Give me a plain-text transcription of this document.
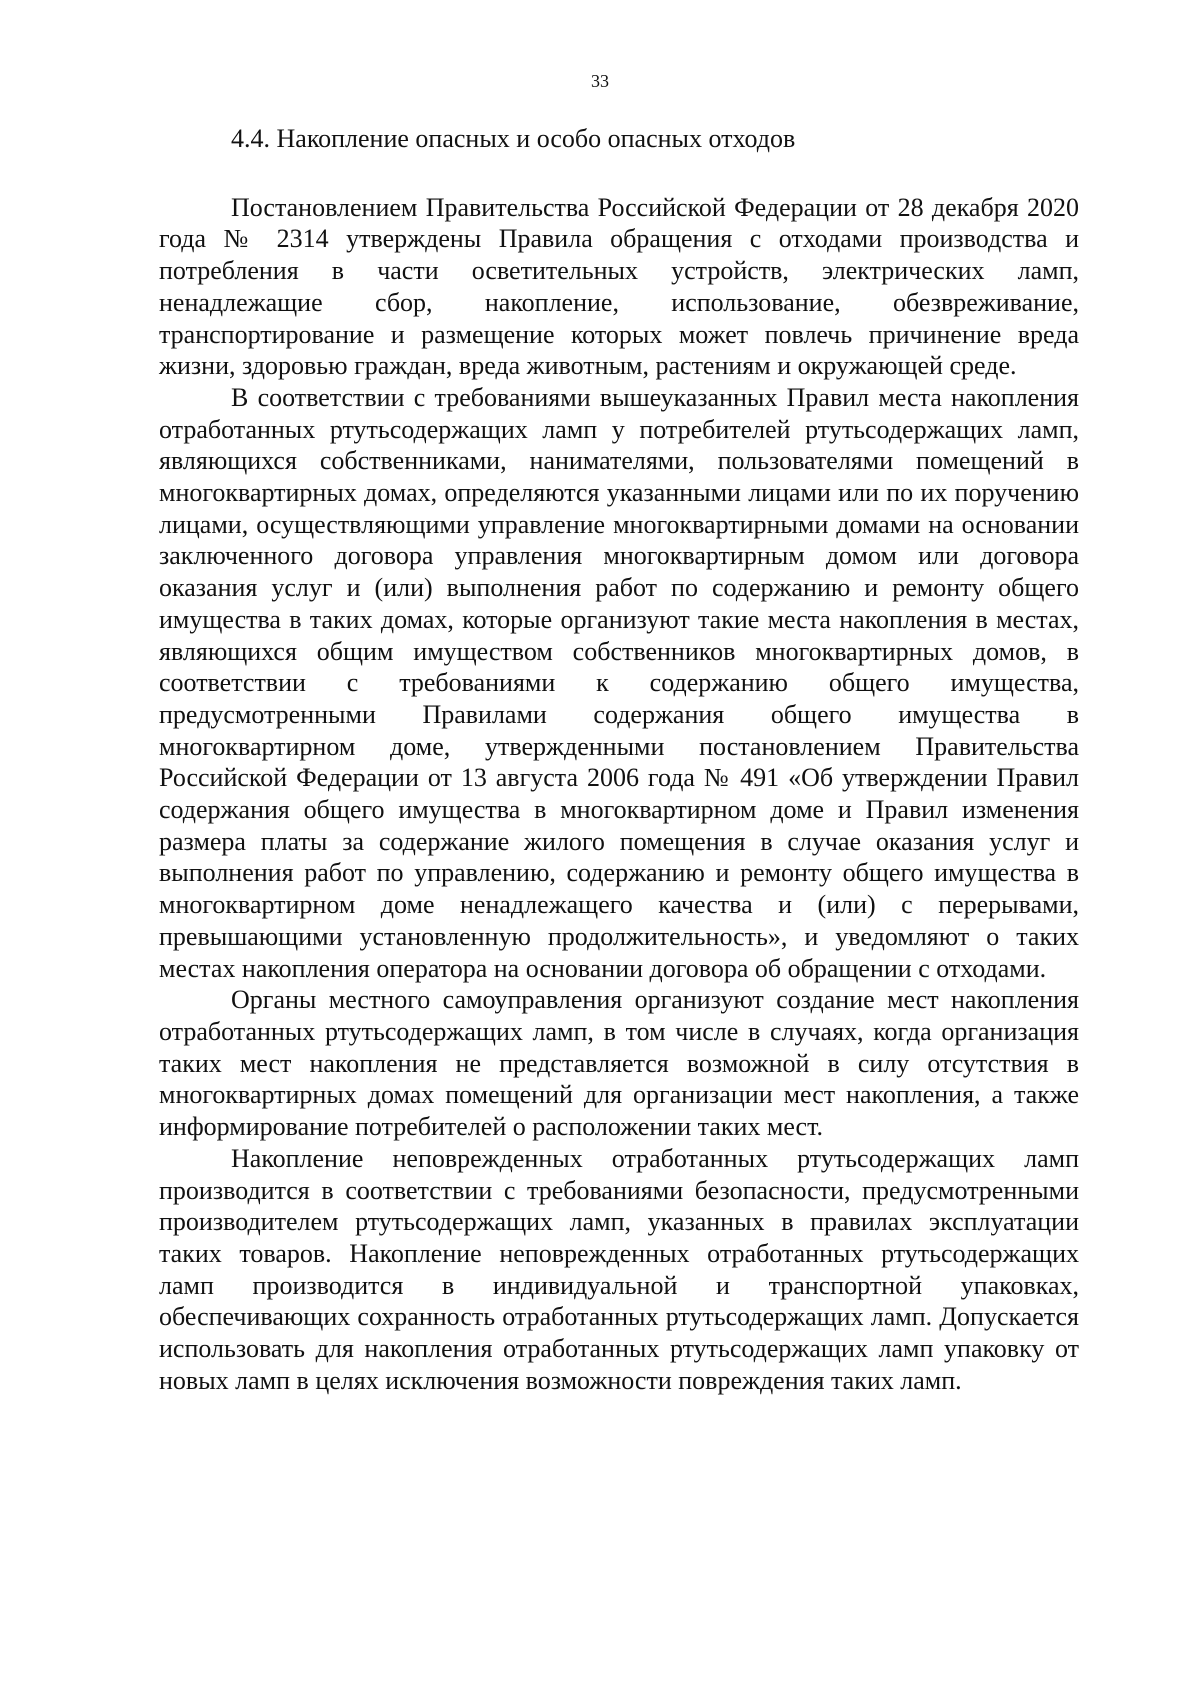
33
4.4. Накопление опасных и особо опасных отходов

Постановлением Правительства Российской Федерации от 28 декабря 2020 года № 2314 утверждены Правила обращения с отходами производства и потребления в части осветительных устройств, электрических ламп, ненадлежащие сбор, накопление, использование, обезвреживание, транспортирование и размещение которых может повлечь причинение вреда жизни, здоровью граждан, вреда животным, растениям и окружающей среде.

В соответствии с требованиями вышеуказанных Правил места накопления отработанных ртутьсодержащих ламп у потребителей ртутьсодержащих ламп, являющихся собственниками, нанимателями, пользователями помещений в многоквартирных домах, определяются указанными лицами или по их поручению лицами, осуществляющими управление многоквартирными домами на основании заключенного договора управления многоквартирным домом или договора оказания услуг и (или) выполнения работ по содержанию и ремонту общего имущества в таких домах, которые организуют такие места накопления в местах, являющихся общим имуществом собственников многоквартирных домов, в соответствии с требованиями к содержанию общего имущества, предусмотренными Правилами содержания общего имущества в многоквартирном доме, утвержденными постановлением Правительства Российской Федерации от 13 августа 2006 года № 491 «Об утверждении Правил содержания общего имущества в многоквартирном доме и Правил изменения размера платы за содержание жилого помещения в случае оказания услуг и выполнения работ по управлению, содержанию и ремонту общего имущества в многоквартирном доме ненадлежащего качества и (или) с перерывами, превышающими установленную продолжительность», и уведомляют о таких местах накопления оператора на основании договора об обращении с отходами.

Органы местного самоуправления организуют создание мест накопления отработанных ртутьсодержащих ламп, в том числе в случаях, когда организация таких мест накопления не представляется возможной в силу отсутствия в многоквартирных домах помещений для организации мест накопления, а также информирование потребителей о расположении таких мест.

Накопление неповрежденных отработанных ртутьсодержащих ламп производится в соответствии с требованиями безопасности, предусмотренными производителем ртутьсодержащих ламп, указанных в правилах эксплуатации таких товаров. Накопление неповрежденных отработанных ртутьсодержащих ламп производится в индивидуальной и транспортной упаковках, обеспечивающих сохранность отработанных ртутьсодержащих ламп. Допускается использовать для накопления отработанных ртутьсодержащих ламп упаковку от новых ламп в целях исключения возможности повреждения таких ламп.
